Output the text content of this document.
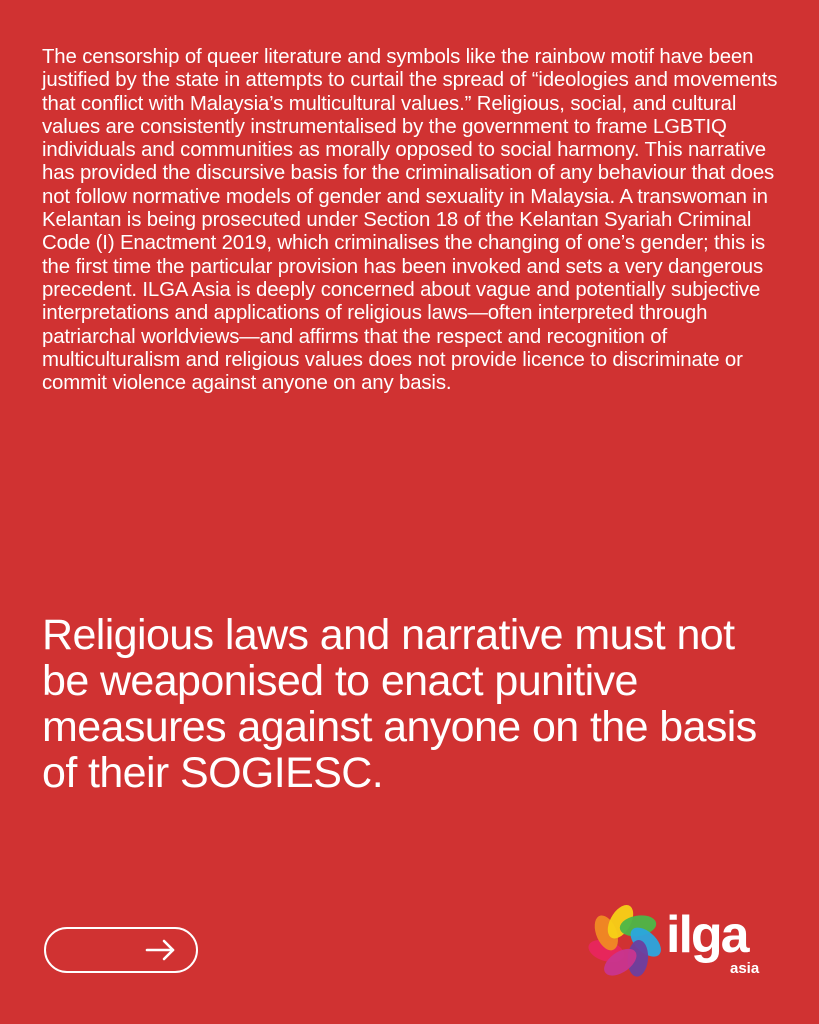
The censorship of queer literature and symbols like the rainbow motif have been justified by the state in attempts to curtail the spread of “ideologies and movements that conflict with Malaysia’s multicultural values.” Religious, social, and cultural values are consistently instrumentalised by the government to frame LGBTIQ individuals and communities as morally opposed to social harmony. This narrative has provided the discursive basis for the criminalisation of any behaviour that does not follow normative models of gender and sexuality in Malaysia. A transwoman in Kelantan is being prosecuted under Section 18 of the Kelantan Syariah Criminal Code (I) Enactment 2019, which criminalises the changing of one’s gender; this is the first time the particular provision has been invoked and sets a very dangerous precedent. ILGA Asia is deeply concerned about vague and potentially subjective interpretations and applications of religious laws—often interpreted through patriarchal worldviews—and affirms that the respect and recognition of multiculturalism and religious values does not provide licence to discriminate or commit violence against anyone on any basis.

Religious laws and narrative must not be weaponised to enact punitive measures against anyone on the basis of their SOGIESC.
ilga
asia
